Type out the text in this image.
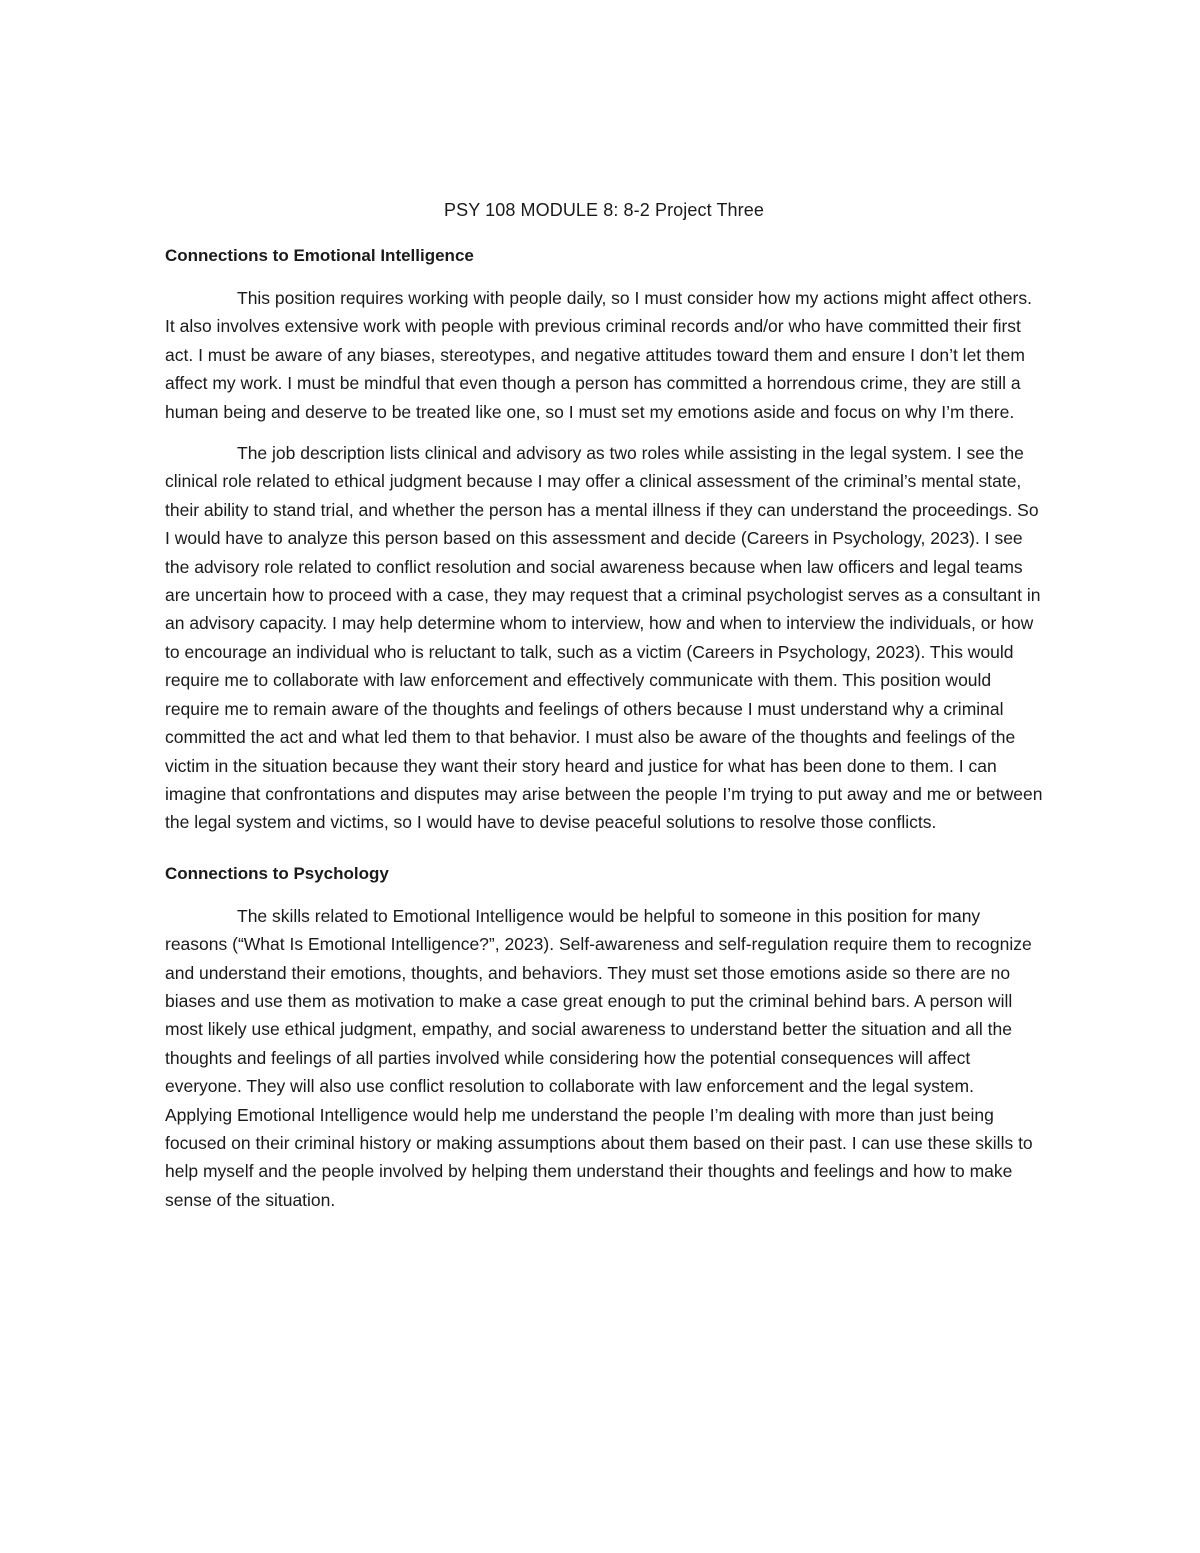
PSY 108 MODULE 8: 8-2 Project Three
Connections to Emotional Intelligence

This position requires working with people daily, so I must consider how my actions might affect others. It also involves extensive work with people with previous criminal records and/or who have committed their first act. I must be aware of any biases, stereotypes, and negative attitudes toward them and ensure I don’t let them affect my work. I must be mindful that even though a person has committed a horrendous crime, they are still a human being and deserve to be treated like one, so I must set my emotions aside and focus on why I’m there.

The job description lists clinical and advisory as two roles while assisting in the legal system. I see the clinical role related to ethical judgment because I may offer a clinical assessment of the criminal’s mental state, their ability to stand trial, and whether the person has a mental illness if they can understand the proceedings. So I would have to analyze this person based on this assessment and decide (Careers in Psychology, 2023). I see the advisory role related to conflict resolution and social awareness because when law officers and legal teams are uncertain how to proceed with a case, they may request that a criminal psychologist serves as a consultant in an advisory capacity. I may help determine whom to interview, how and when to interview the individuals, or how to encourage an individual who is reluctant to talk, such as a victim (Careers in Psychology, 2023). This would require me to collaborate with law enforcement and effectively communicate with them. This position would require me to remain aware of the thoughts and feelings of others because I must understand why a criminal committed the act and what led them to that behavior. I must also be aware of the thoughts and feelings of the victim in the situation because they want their story heard and justice for what has been done to them. I can imagine that confrontations and disputes may arise between the people I’m trying to put away and me or between the legal system and victims, so I would have to devise peaceful solutions to resolve those conflicts.

Connections to Psychology

The skills related to Emotional Intelligence would be helpful to someone in this position for many reasons (“What Is Emotional Intelligence?”, 2023). Self-awareness and self-regulation require them to recognize and understand their emotions, thoughts, and behaviors. They must set those emotions aside so there are no biases and use them as motivation to make a case great enough to put the criminal behind bars. A person will most likely use ethical judgment, empathy, and social awareness to understand better the situation and all the thoughts and feelings of all parties involved while considering how the potential consequences will affect everyone. They will also use conflict resolution to collaborate with law enforcement and the legal system. Applying Emotional Intelligence would help me understand the people I’m dealing with more than just being focused on their criminal history or making assumptions about them based on their past. I can use these skills to help myself and the people involved by helping them understand their thoughts and feelings and how to make sense of the situation.
